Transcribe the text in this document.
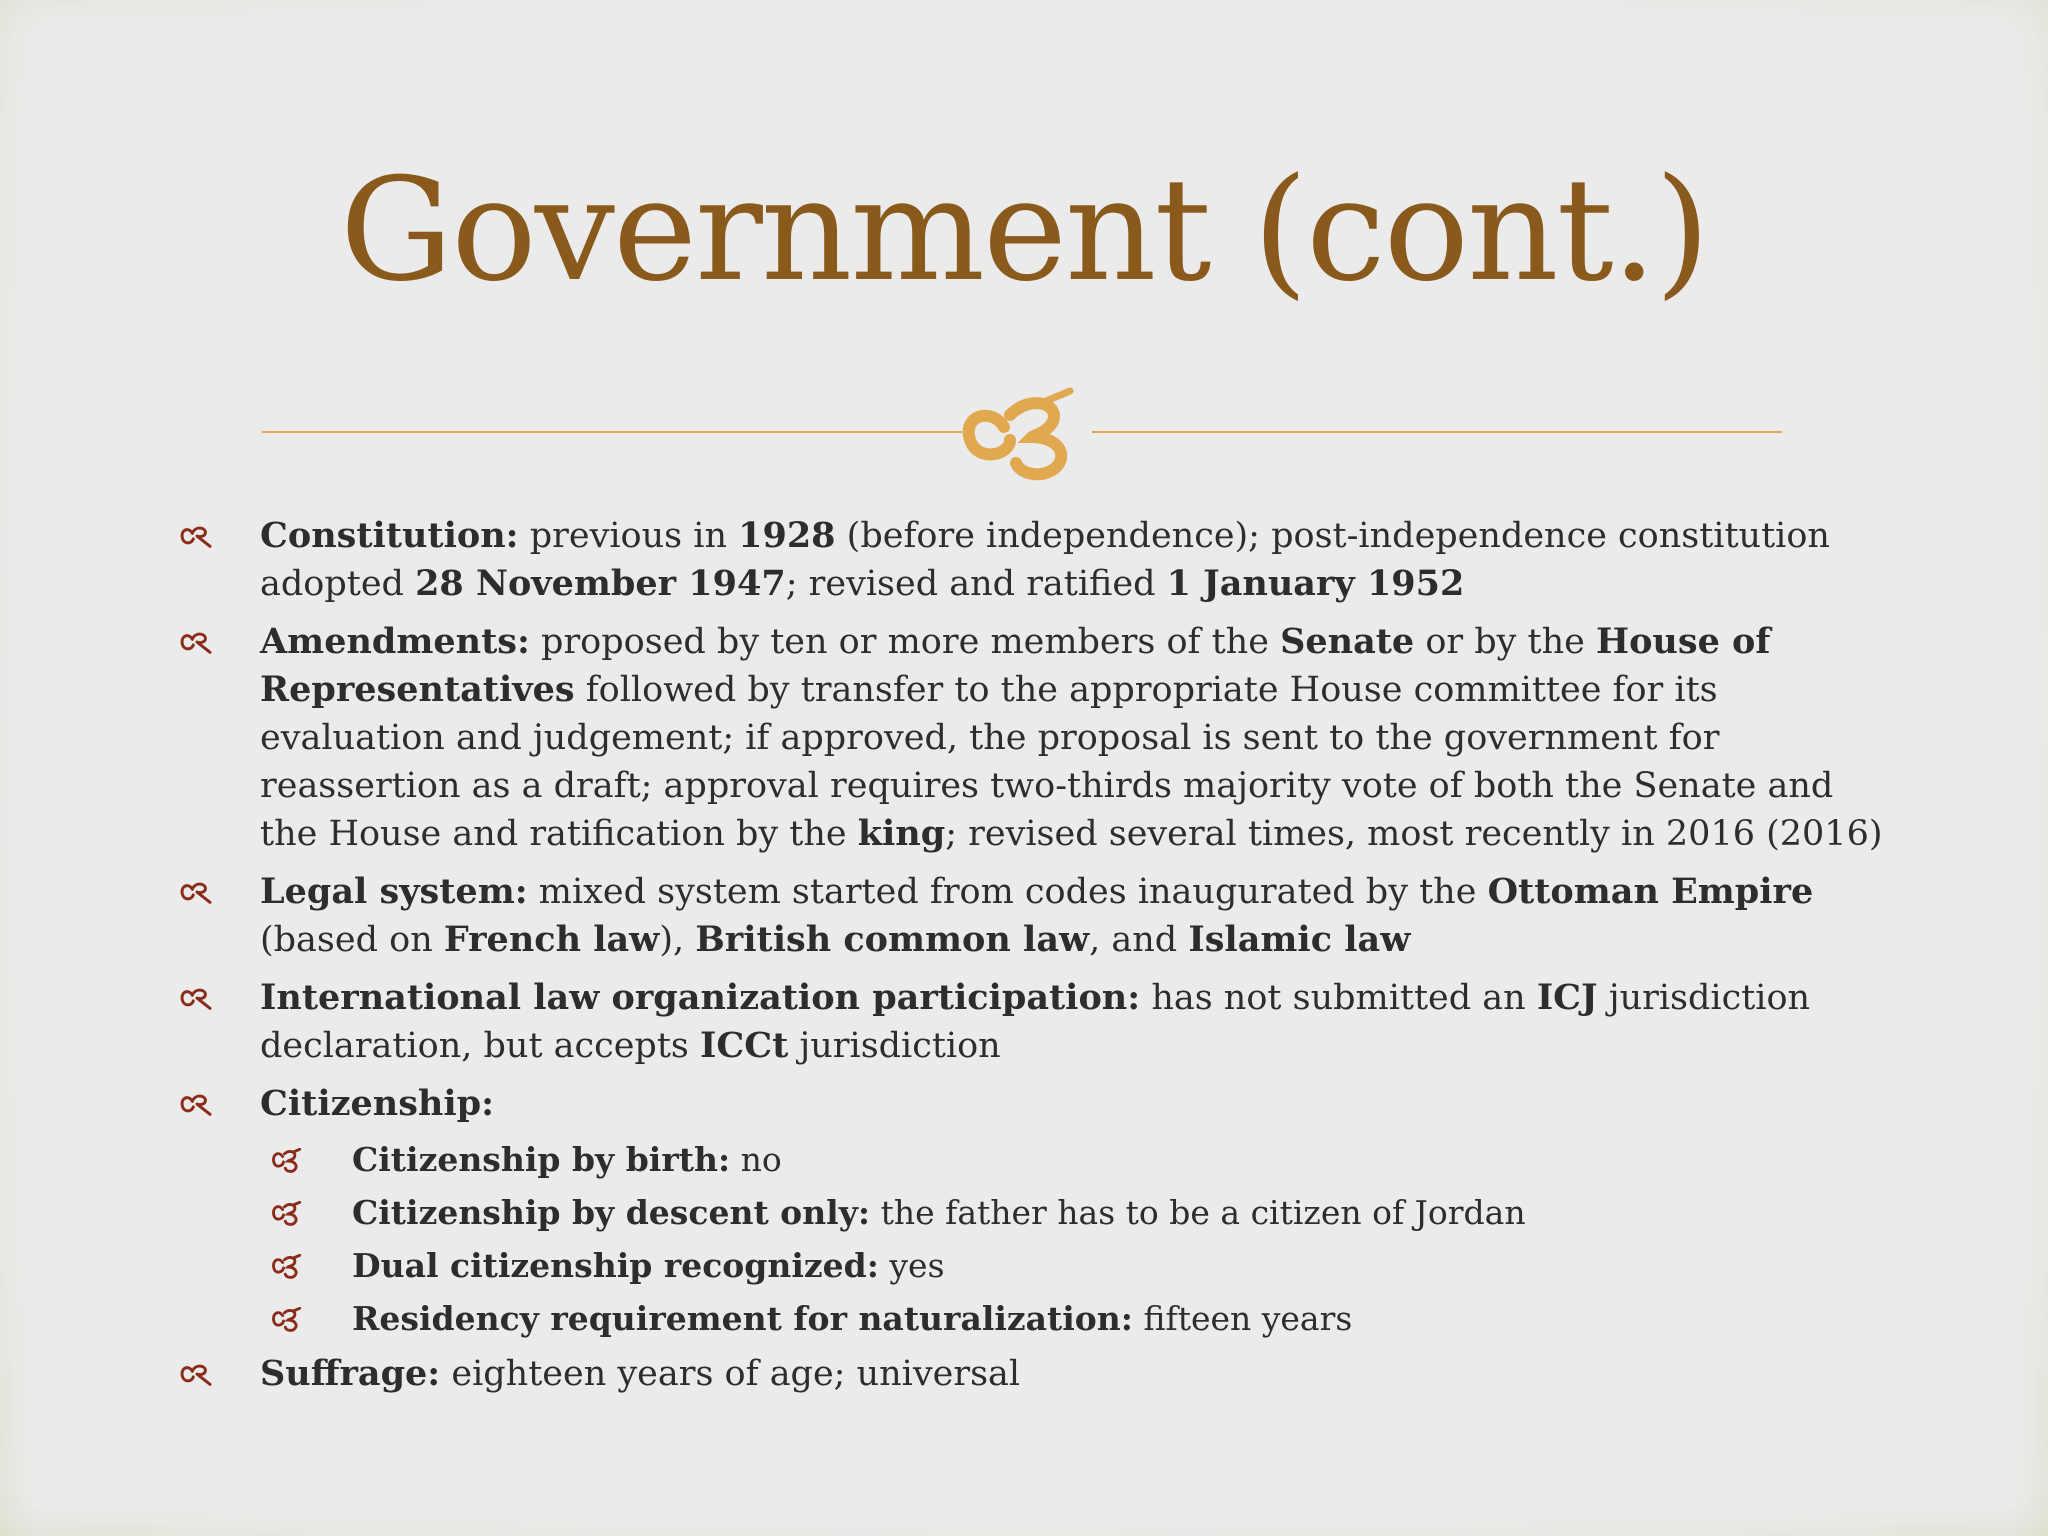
Government (cont.)
Constitution: previous in 1928 (before independence); post-independence constitution adopted 28 November 1947; revised and ratified 1 January 1952
Amendments: proposed by ten or more members of the Senate or by the House of Representatives followed by transfer to the appropriate House committee for its evaluation and judgement; if approved, the proposal is sent to the government for reassertion as a draft; approval requires two-thirds majority vote of both the Senate and the House and ratification by the king; revised several times, most recently in 2016 (2016)
Legal system: mixed system started from codes inaugurated by the Ottoman Empire (based on French law), British common law, and Islamic law
International law organization participation: has not submitted an ICJ jurisdiction declaration, but accepts ICCt jurisdiction
Citizenship:
Citizenship by birth: no
Citizenship by descent only: the father has to be a citizen of Jordan
Dual citizenship recognized: yes
Residency requirement for naturalization: fifteen years
Suffrage: eighteen years of age; universal
